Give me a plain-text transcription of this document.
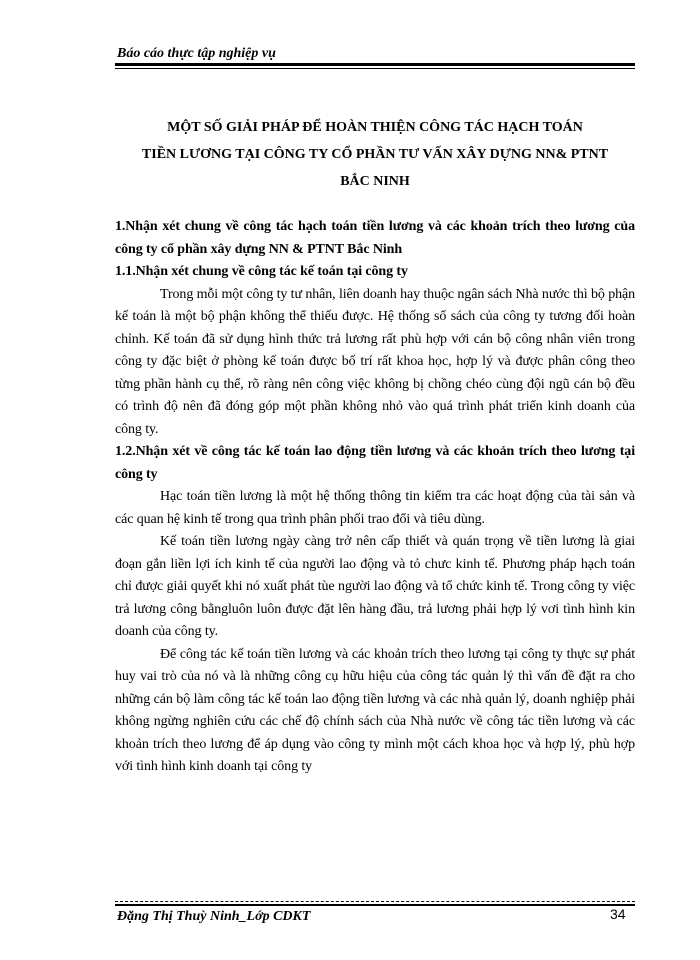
Báo cáo thực tập nghiệp vụ
MỘT SỐ GIẢI PHÁP ĐỂ HOÀN THIỆN CÔNG TÁC HẠCH TOÁN
TIỀN LƯƠNG TẠI CÔNG TY CỔ PHẦN TƯ VẤN XÂY DỰNG NN& PTNT
BẮC NINH

1.Nhận xét chung về công tác hạch toán tiền lương và các khoản trích theo lương của công ty cổ phần xây dựng NN & PTNT Bắc Ninh

1.1.Nhận xét chung về công tác kế toán tại công ty

Trong mỗi một công ty tư nhân, liên doanh hay thuộc ngân sách Nhà nước thì bộ phận kế toán là một bộ phận không thể thiếu được. Hệ thống sổ sách của công ty tương đối hoàn chỉnh. Kế toán đã sử dụng hình thức trả lương rất phù hợp với cán bộ công nhân viên trong công ty đặc biệt ở phòng kế toán được bố trí rất khoa học, hợp lý và được phân công theo từng phần hành cụ thể, rõ ràng nên công việc không bị chồng chéo cùng đội ngũ cán bộ đều có trình độ nên đã đóng góp một phần không nhỏ vào quá trình phát triển kinh doanh của công ty.

1.2.Nhận xét về công tác kế toán lao động tiền lương và các khoản trích theo lương tại công ty

Hạc toán tiền lương là một hệ thống thông tin kiểm tra các hoạt động của tài sản và các quan hệ kinh tế trong qua trình phân phối trao đổi và tiêu dùng.

Kế toán tiền lương ngày càng trở nên cấp thiết và quán trọng về tiền lương là giai đoạn gắn liền lợi ích kinh tế của người lao động và tỏ chưc kinh tế. Phương pháp hạch toán chỉ được giải quyết khi nó xuất phát tùe người lao động và tổ chức kinh tế. Trong công ty việc trả lương công bằngluôn luôn được đặt lên hàng đầu, trả lương phải hợp lý vơi tình hình kin doanh của công ty.

Để công tác kế toán tiền lương và các khoản trích theo lương tại công ty thực sự phát huy vai trò của nó và là những công cụ hữu hiệu của công tác quản lý thì vấn đề đặt ra cho những cán bộ làm công tác kế toán lao động tiền lương và các nhà quản lý, doanh nghiệp phải không ngừng nghiên cứu các chế độ chính sách của Nhà nước về công tác tiền lương và các khoản trích theo lương để áp dụng vào công ty mình một cách khoa học và hợp lý, phù hợp với tình hình kinh doanh tại công ty

Đặng Thị Thuỳ Ninh_Lớp CDKT	34
